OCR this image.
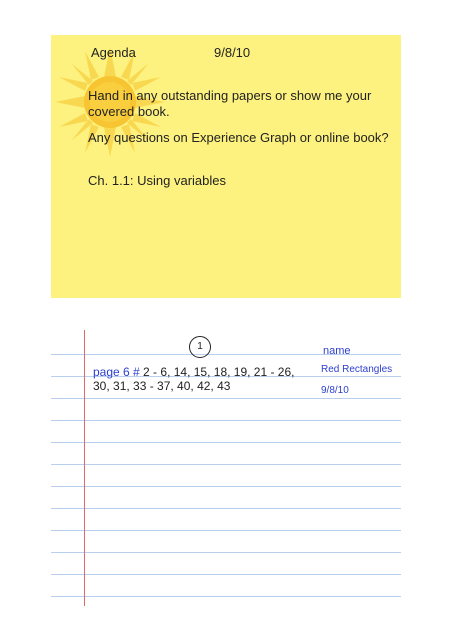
Agenda	9/8/10
Hand in any outstanding papers or show me your covered book.
Any questions on Experience Graph or online book?
Ch. 1.1: Using variables
1
page 6 # 2 - 6, 14, 15, 18, 19, 21 - 26, 30, 31, 33 - 37, 40, 42, 43
name
Red Rectangles
9/8/10
